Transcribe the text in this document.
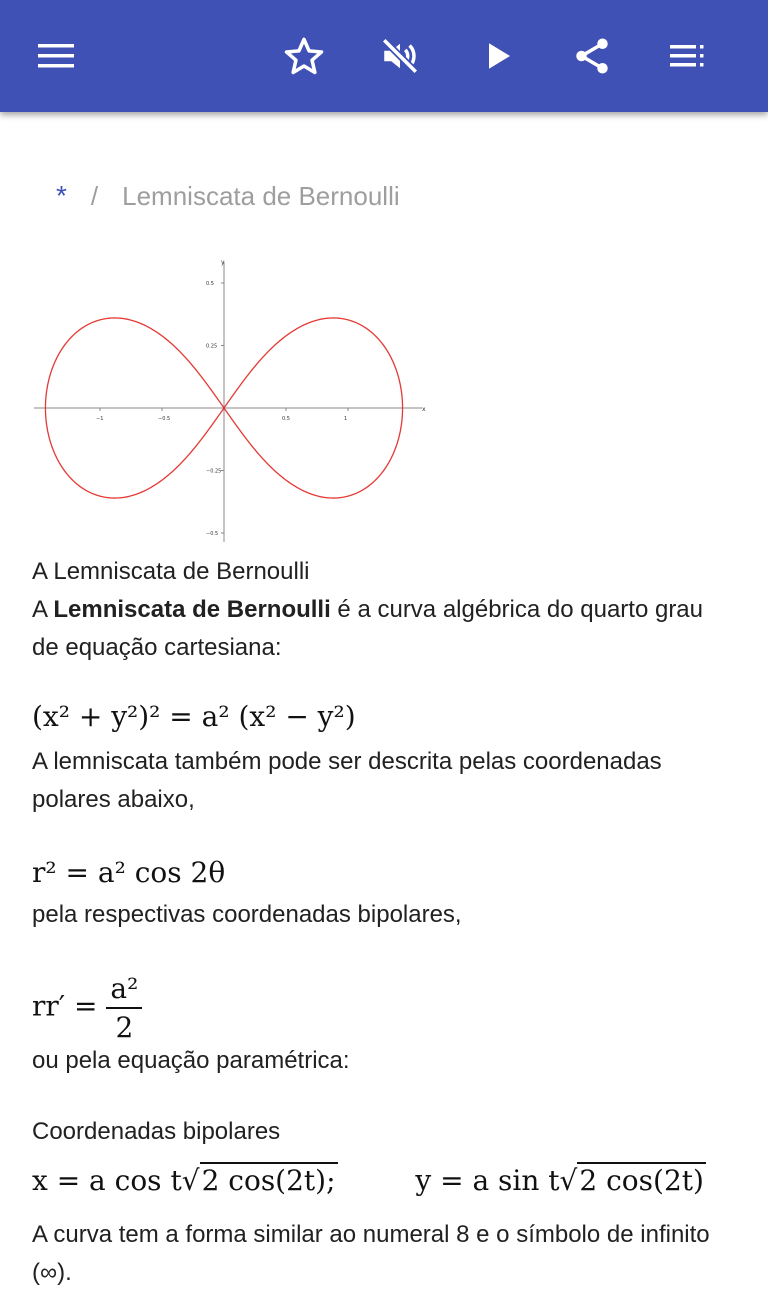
* / Lemniscata de Bernoulli
y
x
−1	−0.5	0.5	1
0.5
0.25
−0.25
−0.5
A Lemniscata de Bernoulli
A Lemniscata de Bernoulli é a curva algébrica do quarto grau de equação cartesiana:
(x² + y²)² = a² (x² − y²)
A lemniscata também pode ser descrita pelas coordenadas polares abaixo,
r² = a² cos 2θ
pela respectivas coordenadas bipolares,
$rr' = \frac{\text{a²}}{2}$
ou pela equação paramétrica:
Coordenadas bipolares
x = a cos t√2 cos(2t);	y = a sin t√2 cos(2t)
A curva tem a forma similar ao numeral 8 e o símbolo de infinito (∞).
